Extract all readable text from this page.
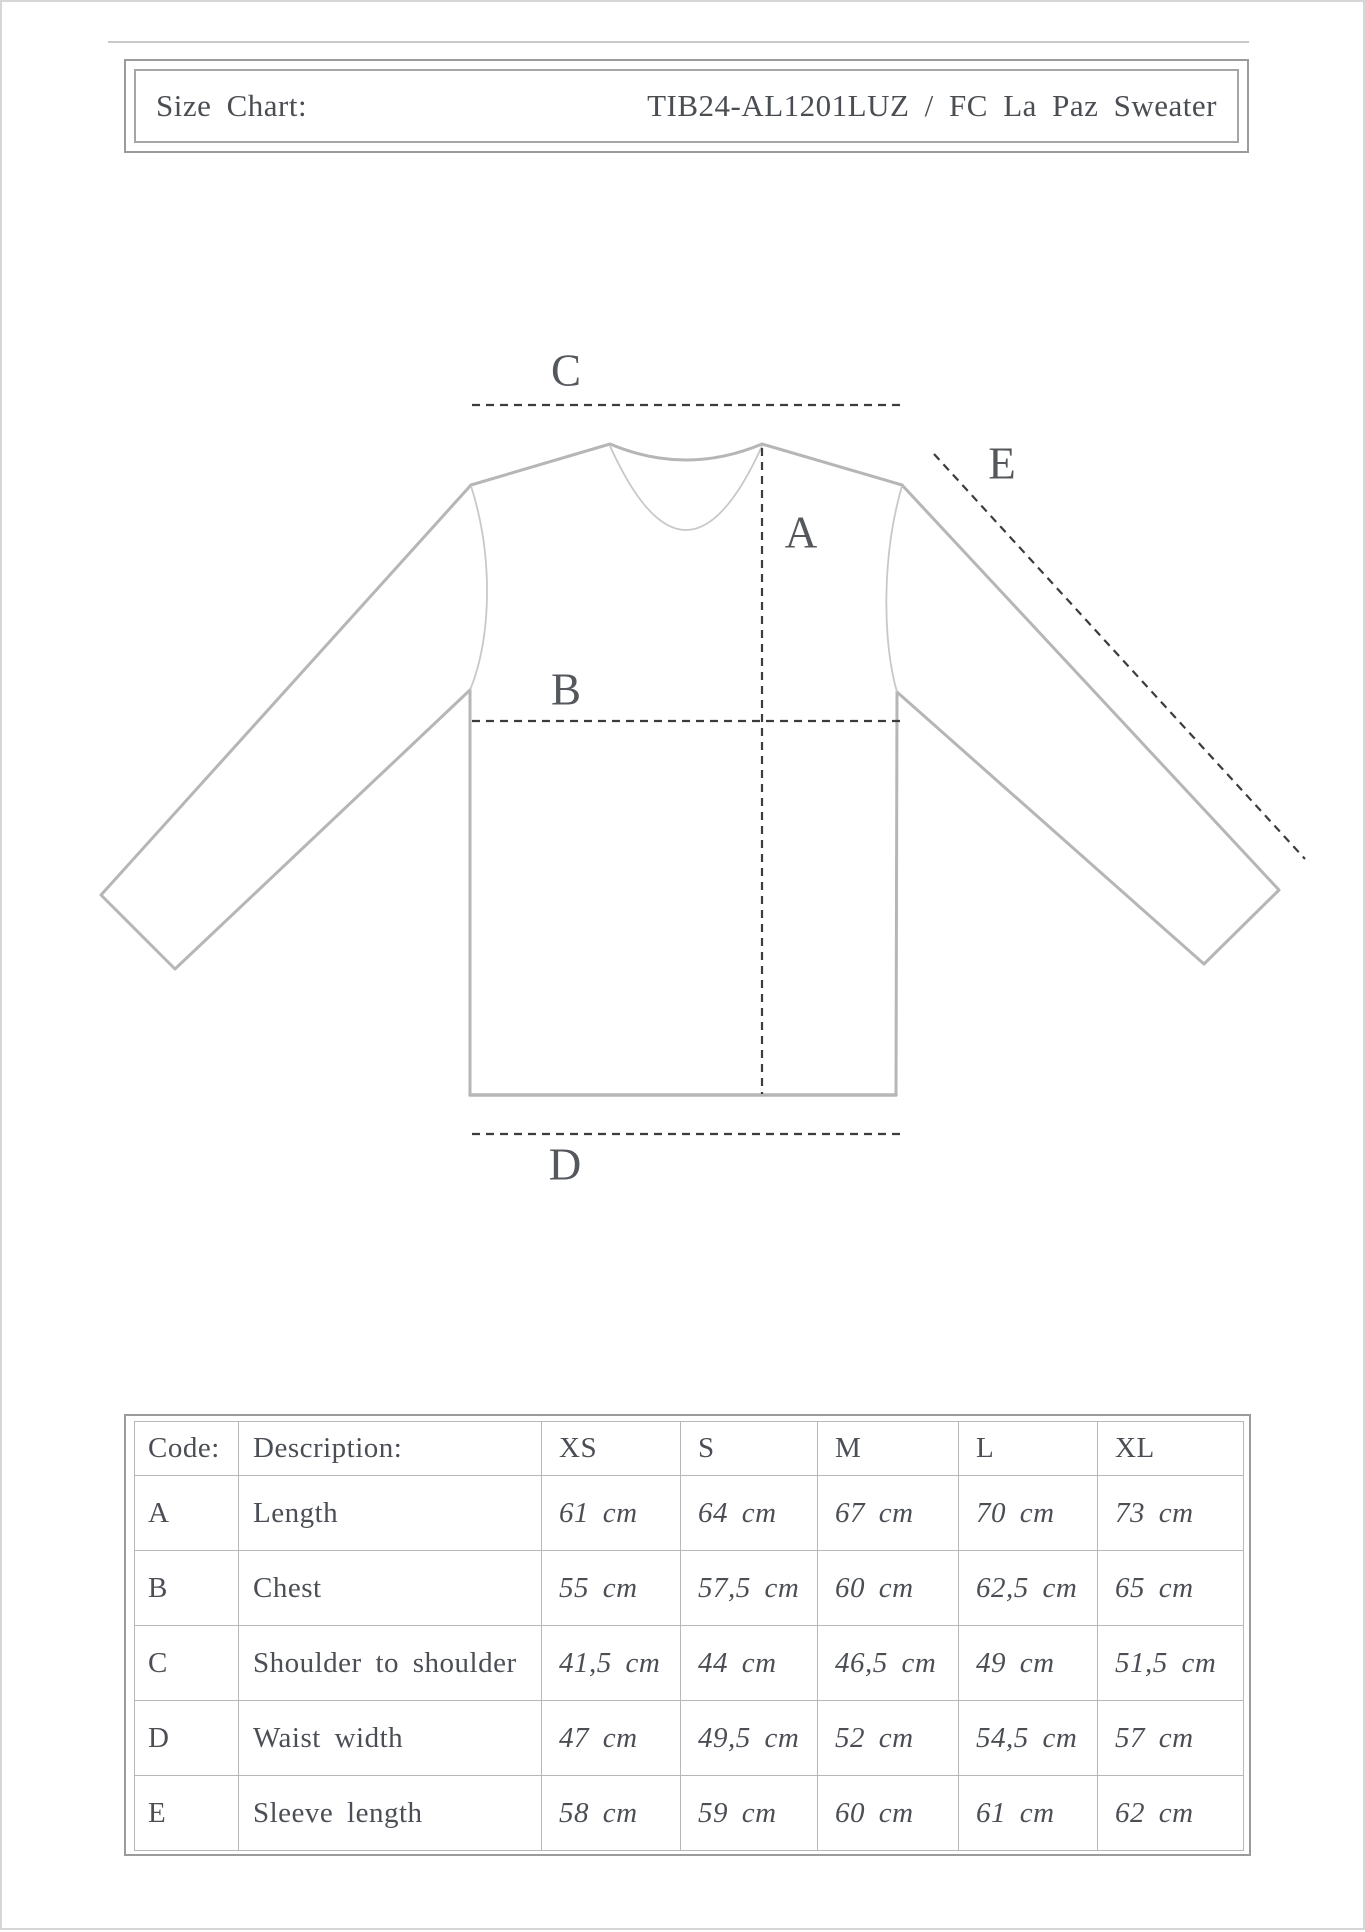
Size Chart:	TIB24-AL1201LUZ / FC La Paz Sweater
C
E
A
B
D
Code:	Description:	XS	S	M	L	XL
A	Length	61 cm	64 cm	67 cm	70 cm	73 cm
B	Chest	55 cm	57,5 cm	60 cm	62,5 cm	65 cm
C	Shoulder to shoulder	41,5 cm	44 cm	46,5 cm	49 cm	51,5 cm
D	Waist width	47 cm	49,5 cm	52 cm	54,5 cm	57 cm
E	Sleeve length	58 cm	59 cm	60 cm	61 cm	62 cm
